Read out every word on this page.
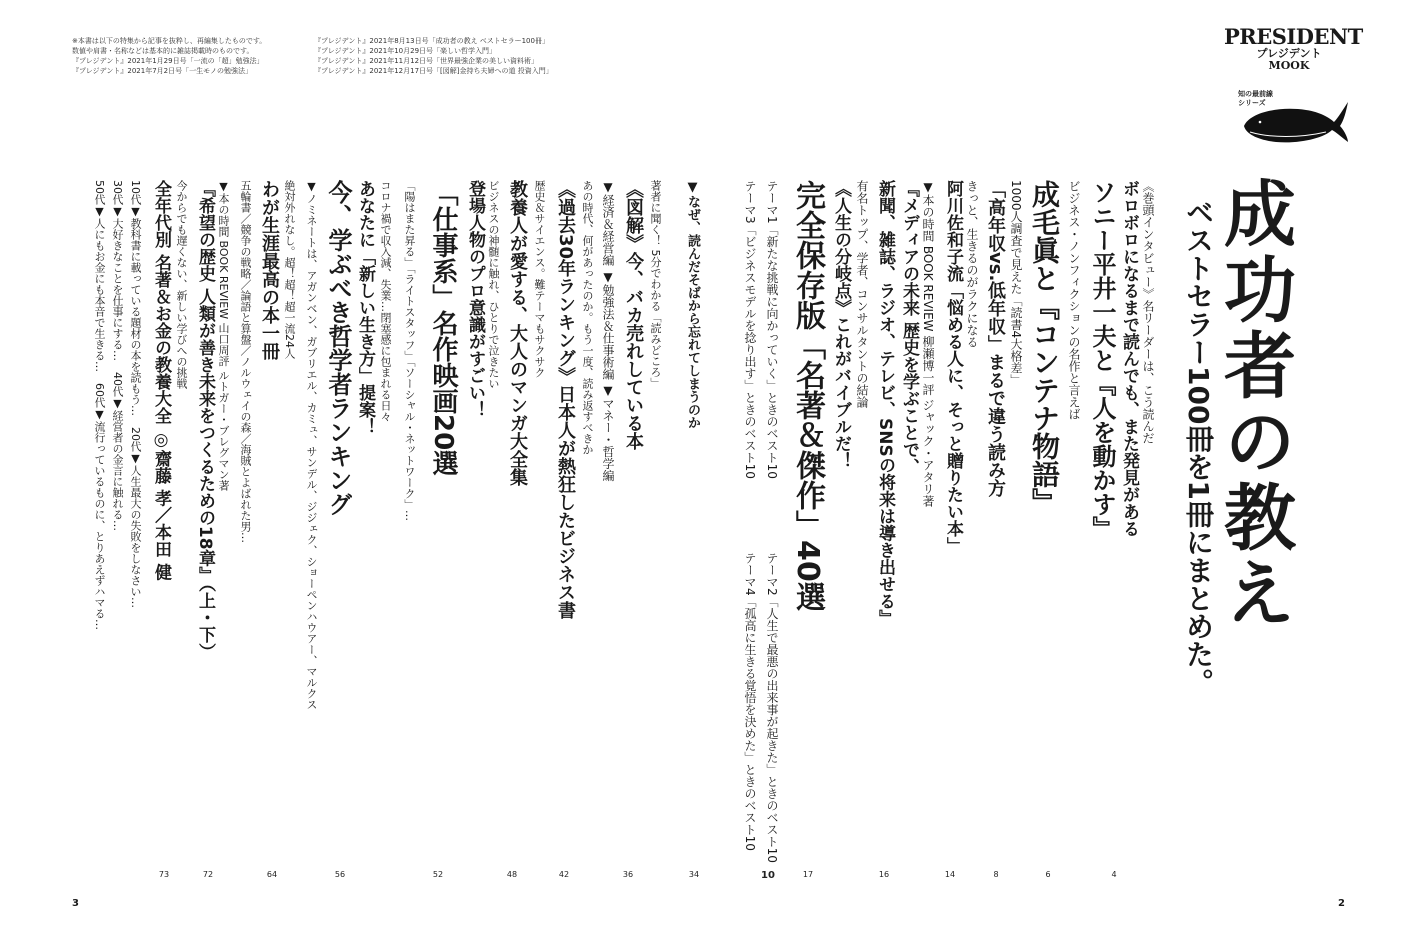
※本書は以下の特集から記事を抜粋し、再編集したものです。
数値や肩書・名称などは基本的に雑誌掲載時のものです。
『プレジデント』2021年1月29日号「一流の「超」勉強法」
『プレジデント』2021年7月2日号「一生モノの勉強法」
『プレジデント』2021年8月13日号「成功者の教え ベストセラー100冊」
『プレジデント』2021年10月29日号「楽しい哲学入門」
『プレジデント』2021年11月12日号「世界最強企業の美しい資料術」
『プレジデント』2021年12月17日号「[図解]金持ち夫婦への道 投資入門」
PRESIDENT
プレジデント
MOOK
知の最前線
シリーズ
成功者の教え
ベストセラー100冊を1冊にまとめた。
《巻頭インタビュー》名リーダーは、こう読んだ
ボロボロになるまで読んでも、また発見がある
ソニー平井一夫と『人を動かす』
ビジネス・ノンフィクションの名作と言えば
成毛眞と『コンテナ物語』
1000人調査で見えた「読書4大格差」
「高年収vs.低年収」まるで違う読み方
きっと、生きるのがラクになる
阿川佐和子流「悩める人に、そっと贈りたい本」
▼本の時間 BOOK REVIEW 柳瀬博一評 ジャック・アタリ著
『メディアの未来 歴史を学ぶことで、
新聞、雑誌、ラジオ、テレビ、SNSの将来は導き出せる』
有名トップ、学者、コンサルタントの結論
《人生の分岐点》これがバイブルだ！
完全保存版「名著＆傑作」40選
テーマ1「新たな挑戦に向かっていく」ときのベスト10
テーマ3「ビジネスモデルを捻り出す」ときのベスト10
テーマ2「人生で最悪の出来事が起きた」ときのベスト10
テーマ4「孤高に生きる覚悟を決めた」ときのベスト10
▼なぜ、読んだそばから忘れてしまうのか
著者に聞く！ 5分でわかる「読みどころ」
《図解》今、バカ売れしている本
▼経済＆経営編 ▼勉強法＆仕事術編 ▼マネー・哲学編
あの時代、何があったのか。もう一度、読み返すべきか
《過去30年ランキング》日本人が熱狂したビジネス書
歴史＆サイエンス。難テーマもサクサク
教養人が愛する、大人のマンガ大全集
ビジネスの神髄に触れ、ひとりで泣きたい
登場人物のプロ意識がすごい！
「仕事系」名作映画20選
「陽はまた昇る」「ライトスタッフ」「ソーシャル・ネットワーク」…
コロナ禍で収入減、失業…閉塞感に包まれる日々
あなたに「新しい生き方」提案！
今、学ぶべき哲学者ランキング
▼ノミネートは、アガンベン、ガブリエル、カミュ、サンデル、ジジェク、ショーペンハウアー、マルクス
絶対外れなし。超！超！超一流24人
わが生涯最高の本一冊
五輪書／競争の戦略／論語と算盤／ノルウェイの森／海賊とよばれた男…
▼本の時間 BOOK REVIEW 山口周評 ルトガー・ブレグマン著
『希望の歴史 人類が善き未来をつくるための18章』（上・下）
今からでも遅くない、新しい学びへの挑戦
全年代別 名著＆お金の教養大全 ◎齋藤 孝／本田 健
10代▼教科書に載っている題材の本を読もう…　20代▼人生最大の失敗をしなさい…
30代▼大好きなことを仕事にする…　40代▼経営者の金言に触れる…
50代▼人にもお金にも本音で生きる…　60代▼流行っているものに、とりあえずハマる…
4
6
8
14
16
17
10
34
36
42
48
52
56
64
72
73
3	2
